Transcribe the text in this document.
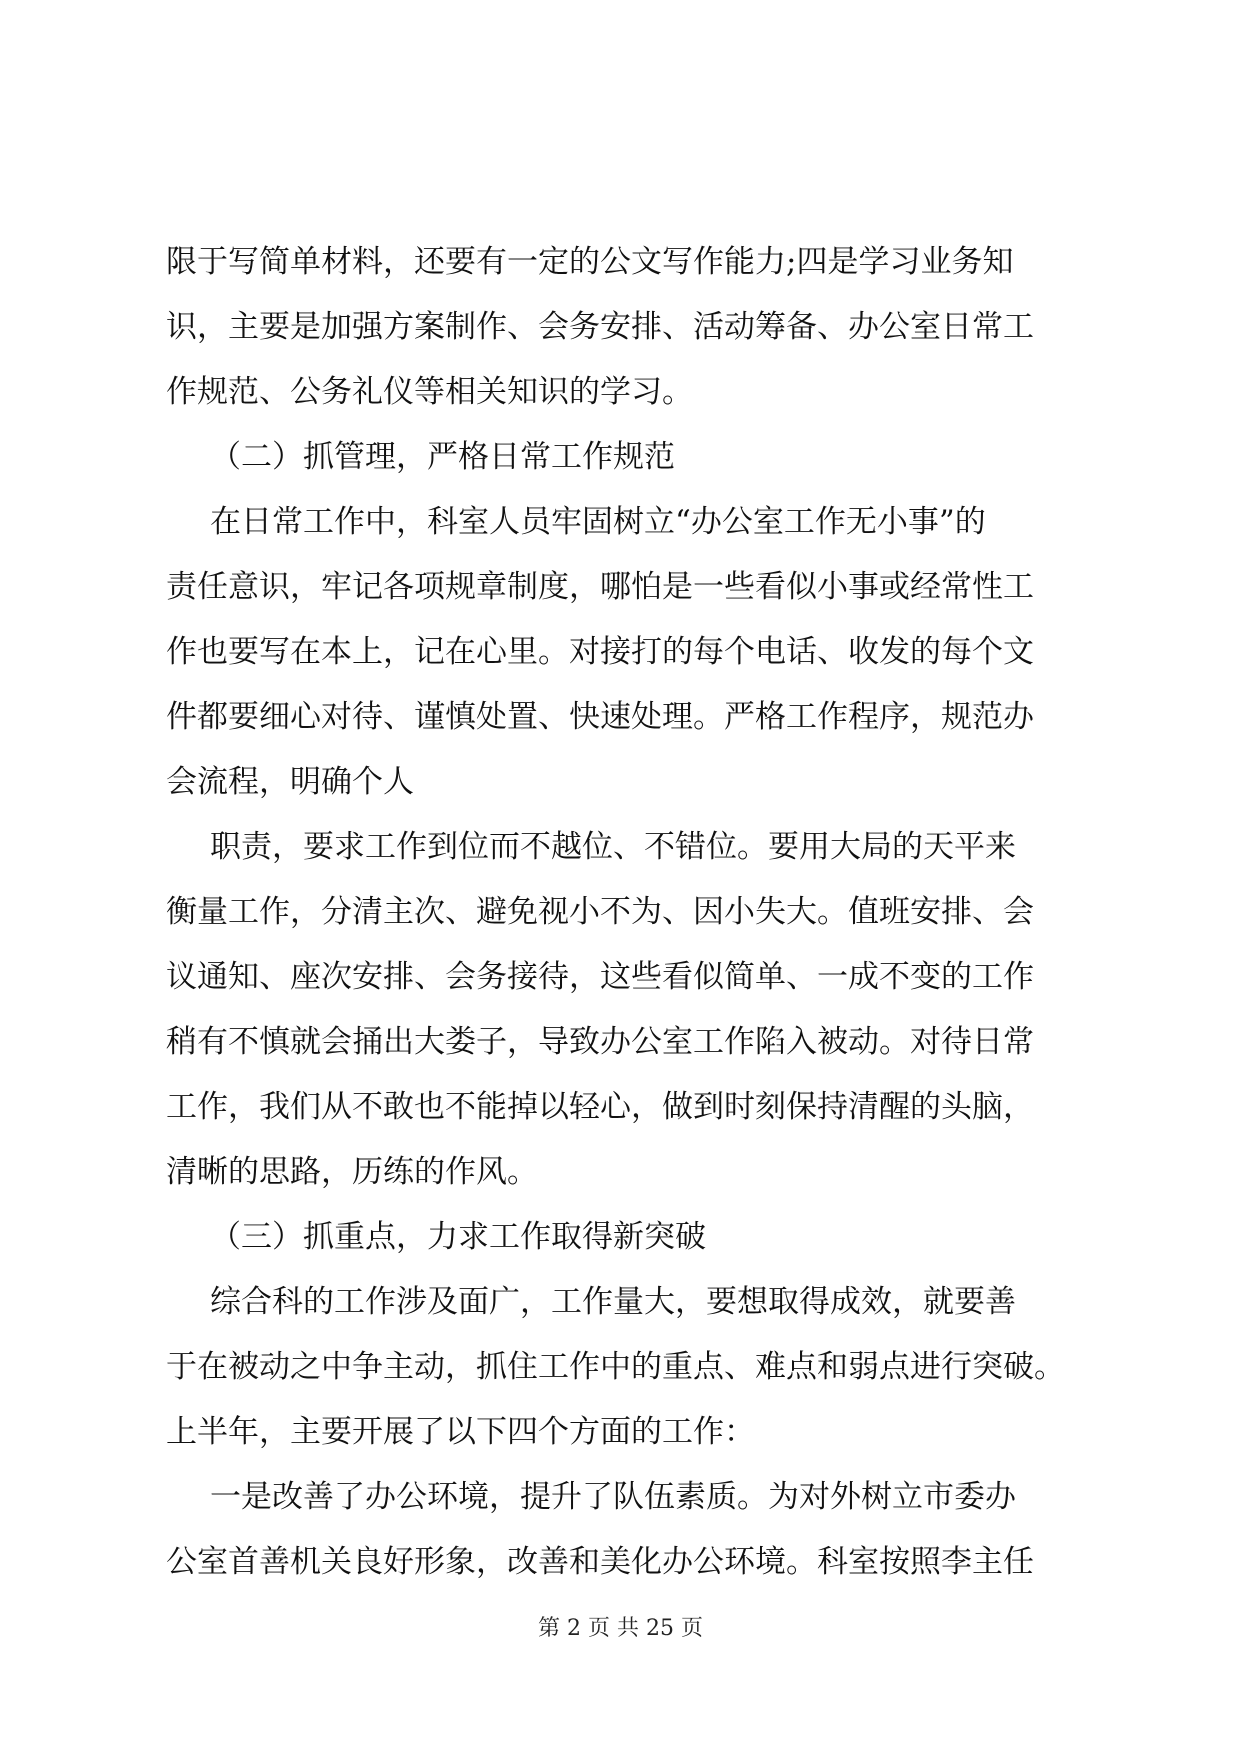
限于写简单材料，还要有一定的公文写作能力;四是学习业务知
识，主要是加强方案制作、会务安排、活动筹备、办公室日常工
作规范、公务礼仪等相关知识的学习。
（二）抓管理，严格日常工作规范
在日常工作中，科室人员牢固树立“办公室工作无小事”的
责任意识，牢记各项规章制度，哪怕是一些看似小事或经常性工
作也要写在本上，记在心里。对接打的每个电话、收发的每个文
件都要细心对待、谨慎处置、快速处理。严格工作程序，规范办
会流程，明确个人
职责，要求工作到位而不越位、不错位。要用大局的天平来
衡量工作，分清主次、避免视小不为、因小失大。值班安排、会
议通知、座次安排、会务接待，这些看似简单、一成不变的工作
稍有不慎就会捅出大娄子，导致办公室工作陷入被动。对待日常
工作，我们从不敢也不能掉以轻心，做到时刻保持清醒的头脑，
清晰的思路，历练的作风。
（三）抓重点，力求工作取得新突破
综合科的工作涉及面广，工作量大，要想取得成效，就要善
于在被动之中争主动，抓住工作中的重点、难点和弱点进行突破。
上半年，主要开展了以下四个方面的工作：
一是改善了办公环境，提升了队伍素质。为对外树立市委办
公室首善机关良好形象，改善和美化办公环境。科室按照李主任
第 2 页 共 25 页
